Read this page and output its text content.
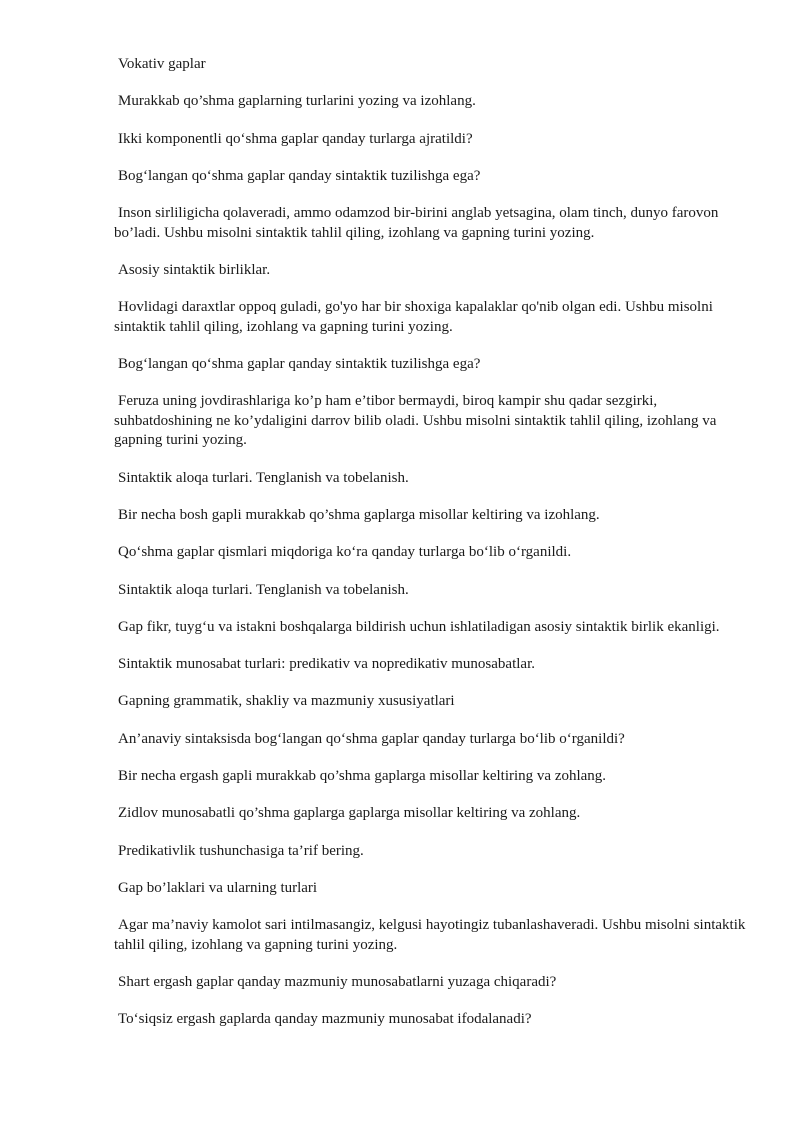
Vokativ gaplar

Murakkab qo’shma gaplarning turlarini yozing va izohlang.

Ikki komponentli qo‘shma gaplar qanday turlarga ajratildi?

Bog‘langan qo‘shma gaplar qanday sintaktik tuzilishga ega?

Inson sirliligicha qolaveradi, ammo odamzod bir-birini anglab yetsagina, olam tinch, dunyo farovon bo’ladi. Ushbu misolni sintaktik tahlil qiling, izohlang va gapning turini yozing.

Asosiy sintaktik birliklar.

Hovlidagi daraxtlar oppoq guladi, go'yo har bir shoxiga kapalaklar qo'nib olgan edi. Ushbu misolni sintaktik tahlil qiling, izohlang va gapning turini yozing.

Bog‘langan qo‘shma gaplar qanday sintaktik tuzilishga ega?

Feruza uning jovdirashlariga ko’p ham e’tibor bermaydi, biroq kampir shu qadar sezgirki, suhbatdoshining ne ko’ydaligini darrov bilib oladi. Ushbu misolni sintaktik tahlil qiling, izohlang va gapning turini yozing.

Sintaktik aloqa turlari. Tenglanish va tobelanish.

Bir necha bosh gapli murakkab qo’shma gaplarga misollar keltiring va izohlang.

Qo‘shma gaplar qismlari miqdoriga ko‘ra qanday turlarga bo‘lib o‘rganildi.

Sintaktik aloqa turlari. Tenglanish va tobelanish.

Gap fikr, tuyg‘u va istakni boshqalarga bildirish uchun ishlatiladigan asosiy sintaktik birlik ekanligi.

Sintaktik munosabat turlari: predikativ va nopredikativ munosabatlar.

Gapning grammatik, shakliy va mazmuniy xususiyatlari

An’anaviy sintaksisda bog‘langan qo‘shma gaplar qanday turlarga bo‘lib o‘rganildi?

Bir necha ergash gapli murakkab qo’shma gaplarga misollar keltiring va zohlang.

Zidlov munosabatli qo’shma gaplarga gaplarga misollar keltiring va zohlang.

Predikativlik tushunchasiga ta’rif bering.

Gap bo’laklari va ularning turlari

Agar ma’naviy kamolot sari intilmasangiz, kelgusi hayotingiz tubanlashaveradi. Ushbu misolni sintaktik tahlil qiling, izohlang va gapning turini yozing.

Shart ergash gaplar qanday mazmuniy munosabatlarni yuzaga chiqaradi?

To‘siqsiz ergash gaplarda qanday mazmuniy munosabat ifodalanadi?
